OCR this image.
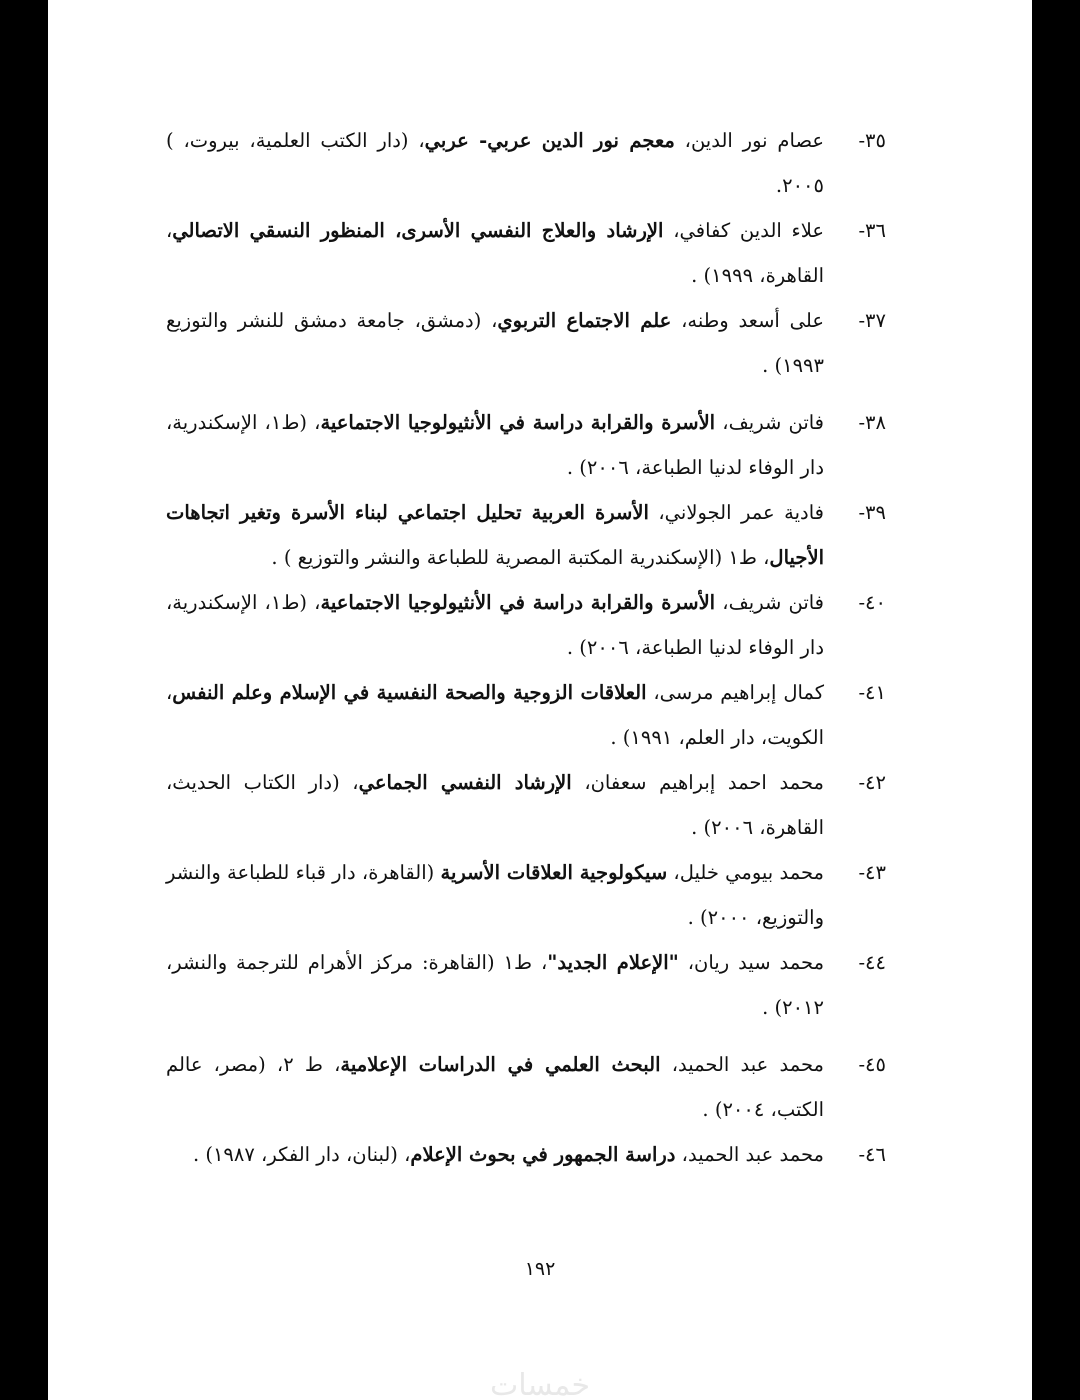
٣٥-
عصام نور الدين، معجم نور الدين عربي- عربي، (دار الكتب العلمية، بيروت، ) ٢٠٠٥.
٣٦-
علاء الدين كفافي، الإرشاد والعلاج النفسي الأسرى، المنظور النسقي الاتصالي، القاهرة، ١٩٩٩) .
٣٧-
على أسعد وطنه، علم الاجتماع التربوي، (دمشق، جامعة دمشق للنشر والتوزيع ١٩٩٣) .
٣٨-
فاتن شريف، الأسرة والقرابة دراسة في الأنثيولوجيا الاجتماعية، (ط١، الإسكندرية، دار الوفاء لدنيا الطباعة، ٢٠٠٦) .
٣٩-
فادية عمر الجولاني، الأسرة العربية تحليل اجتماعي لبناء الأسرة وتغير اتجاهات الأجيال، ط١ (الإسكندرية المكتبة المصرية للطباعة والنشر والتوزيع ) .
٤٠-
فاتن شريف، الأسرة والقرابة دراسة في الأنثيولوجيا الاجتماعية، (ط١، الإسكندرية، دار الوفاء لدنيا الطباعة، ٢٠٠٦) .
٤١-
كمال إبراهيم مرسى، العلاقات الزوجية والصحة النفسية في الإسلام وعلم النفس، الكويت، دار العلم، ١٩٩١) .
٤٢-
محمد احمد إبراهيم سعفان، الإرشاد النفسي الجماعي، (دار الكتاب الحديث، القاهرة، ٢٠٠٦) .
٤٣-
محمد بيومي خليل، سيكولوجية العلاقات الأسرية (القاهرة، دار قباء للطباعة والنشر والتوزيع، ٢٠٠٠) .
٤٤-
محمد سيد ريان، "الإعلام الجديد"، ط١ (القاهرة: مركز الأهرام للترجمة والنشر، ٢٠١٢) .
٤٥-
محمد عبد الحميد، البحث العلمي في الدراسات الإعلامية، ط ٢، (مصر، عالم الكتب، ٢٠٠٤) .
٤٦-
محمد عبد الحميد، دراسة الجمهور في بحوث الإعلام، (لبنان، دار الفكر، ١٩٨٧) .
١٩٢
خمسات
